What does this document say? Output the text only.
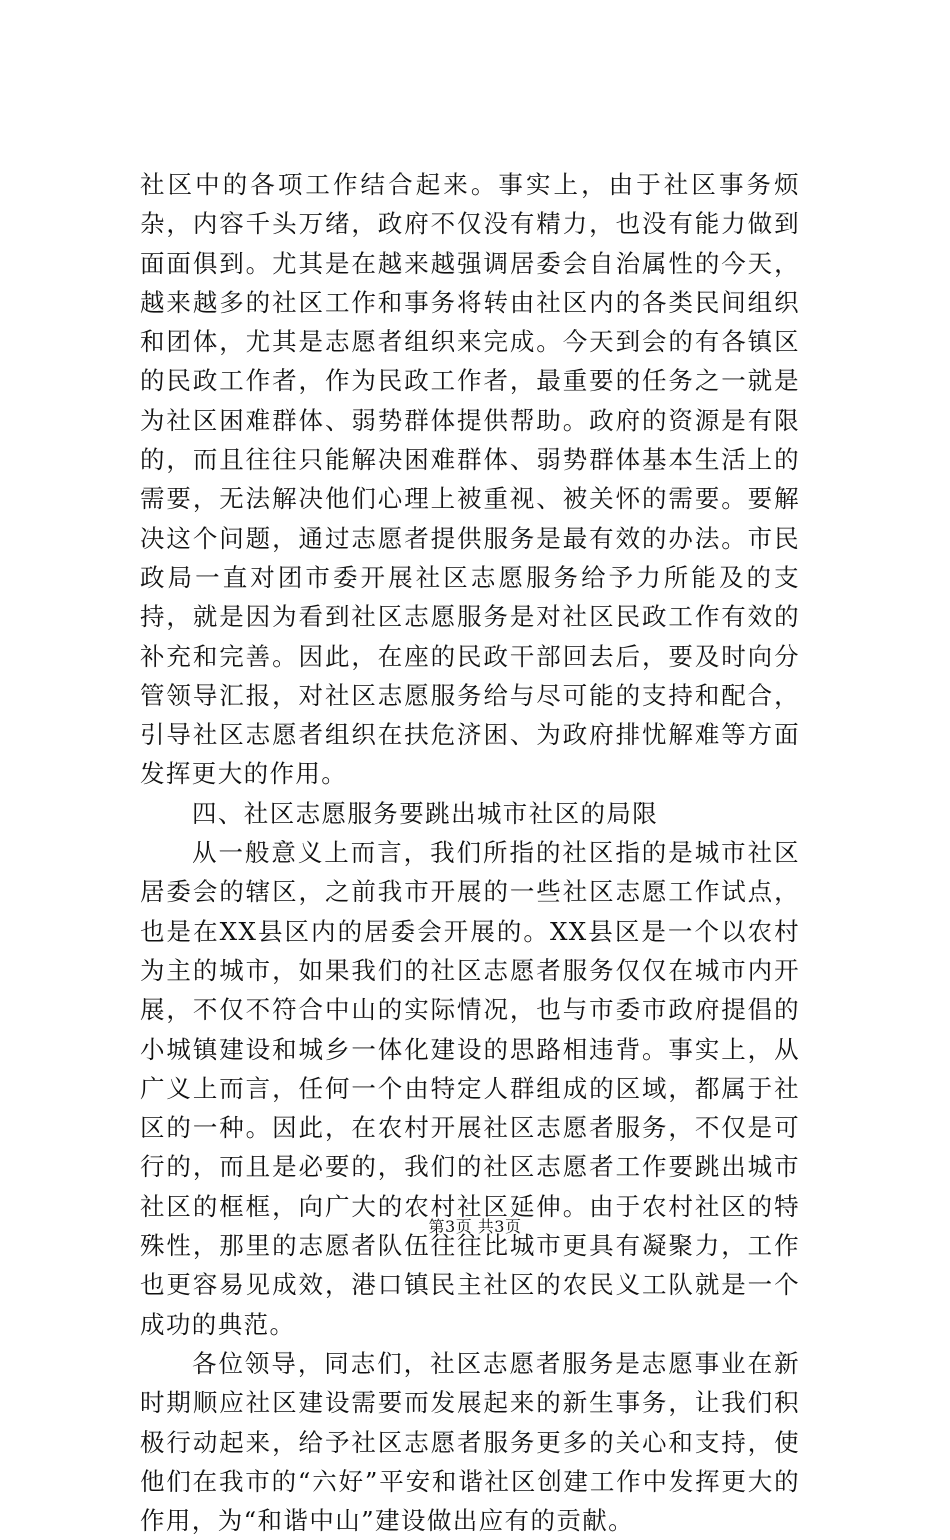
社区中的各项工作结合起来。事实上，由于社区事务烦杂，内容千头万绪，政府不仅没有精力，也没有能力做到面面俱到。尤其是在越来越强调居委会自治属性的今天，越来越多的社区工作和事务将转由社区内的各类民间组织和团体，尤其是志愿者组织来完成。今天到会的有各镇区的民政工作者，作为民政工作者，最重要的任务之一就是为社区困难群体、弱势群体提供帮助。政府的资源是有限的，而且往往只能解决困难群体、弱势群体基本生活上的需要，无法解决他们心理上被重视、被关怀的需要。要解决这个问题，通过志愿者提供服务是最有效的办法。市民政局一直对团市委开展社区志愿服务给予力所能及的支持，就是因为看到社区志愿服务是对社区民政工作有效的补充和完善。因此，在座的民政干部回去后，要及时向分管领导汇报，对社区志愿服务给与尽可能的支持和配合，引导社区志愿者组织在扶危济困、为政府排忧解难等方面发挥更大的作用。

四、社区志愿服务要跳出城市社区的局限

从一般意义上而言，我们所指的社区指的是城市社区居委会的辖区，之前我市开展的一些社区志愿工作试点，也是在XX县区内的居委会开展的。XX县区是一个以农村为主的城市，如果我们的社区志愿者服务仅仅在城市内开展，不仅不符合中山的实际情况，也与市委市政府提倡的小城镇建设和城乡一体化建设的思路相违背。事实上，从广义上而言，任何一个由特定人群组成的区域，都属于社区的一种。因此，在农村开展社区志愿者服务，不仅是可行的，而且是必要的，我们的社区志愿者工作要跳出城市社区的框框，向广大的农村社区延伸。由于农村社区的特殊性，那里的志愿者队伍往往比城市更具有凝聚力，工作也更容易见成效，港口镇民主社区的农民义工队就是一个成功的典范。

各位领导，同志们，社区志愿者服务是志愿事业在新时期顺应社区建设需要而发展起来的新生事务，让我们积极行动起来，给予社区志愿者服务更多的关心和支持，使他们在我市的“六好”平安和谐社区创建工作中发挥更大的作用，为“和谐中山”建设做出应有的贡献。

第3页 共3页
